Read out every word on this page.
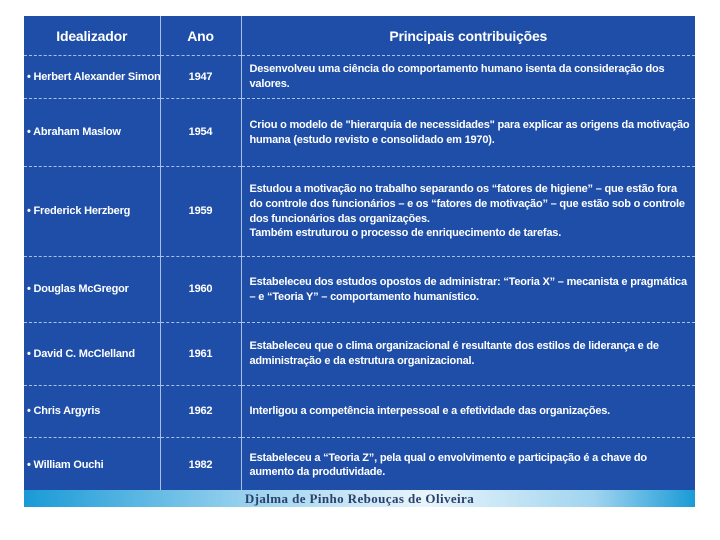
Idealizador	Ano	Principais contribuições
• Herbert Alexander Simon	1947	Desenvolveu uma ciência do comportamento humano isenta da consideração dos valores.

• Abraham Maslow	1954	Criou o modelo de "hierarquia de necessidades" para explicar as origens da motivação humana (estudo revisto e consolidado em 1970).

• Frederick Herzberg	1959	Estudou a motivação no trabalho separando os “fatores de higiene” – que estão fora do controle dos funcionários – e os “fatores de motivação” – que estão sob o controle dos funcionários das organizações.
Também estruturou o processo de enriquecimento de tarefas.

• Douglas McGregor	1960	Estabeleceu dos estudos opostos de administrar: “Teoria X” – mecanista e pragmática – e “Teoria Y” – comportamento humanístico.

• David C. McClelland	1961	Estabeleceu que o clima organizacional é resultante dos estilos de liderança e de administração e da estrutura organizacional.

• Chris Argyris	1962	Interligou a competência interpessoal e a efetividade das organizações.

• William Ouchi	1982	Estabeleceu a “Teoria Z”, pela qual o envolvimento e participação é a chave do aumento da produtividade.
Djalma de Pinho Rebouças de Oliveira
